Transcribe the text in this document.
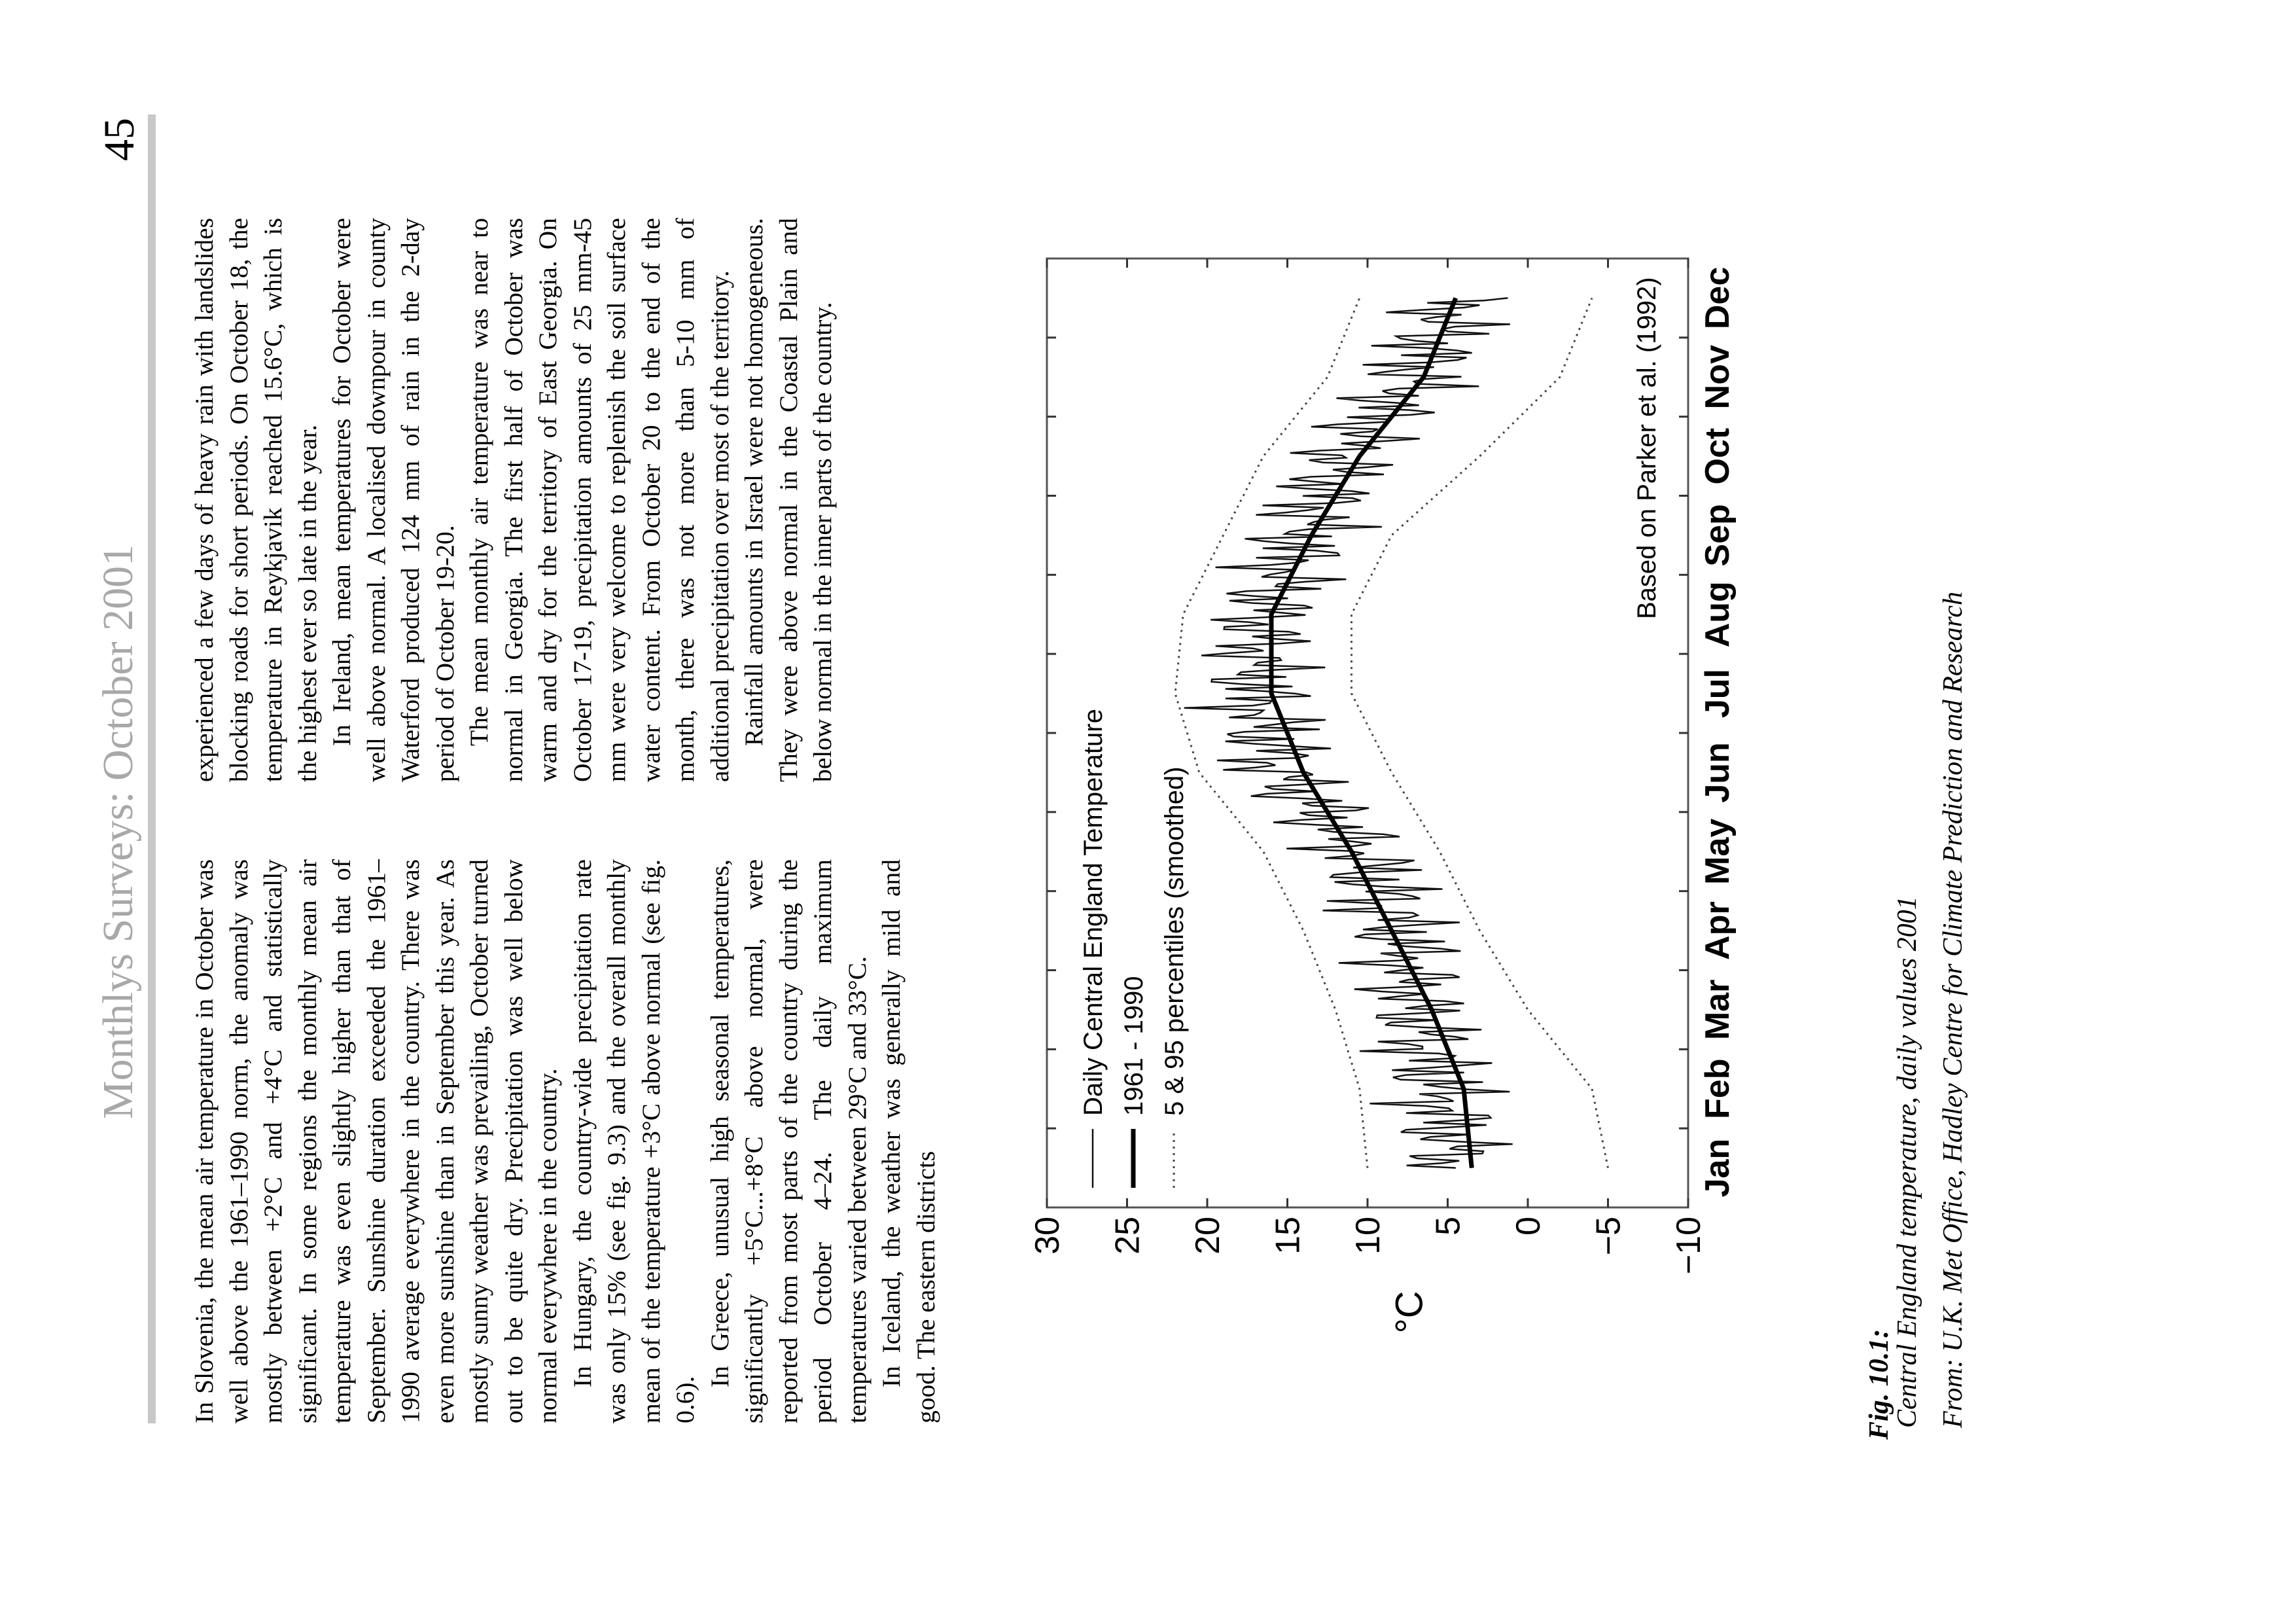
Monthlys Surveys: October 2001
45

In Slovenia, the mean air temperature in October was well above the 1961–1990 norm, the anomaly was mostly between +2°C and +4°C and statistically significant. In some regions the monthly mean air temperature was even slightly higher than that of September. Sunshine duration exceeded the 1961–1990 average everywhere in the country. There was even more sunshine than in September this year. As mostly sunny weather was prevailing, October turned out to be quite dry. Precipitation was well below normal everywhere in the country. In Hungary, the country-wide precipitation rate was only 15% (see fig. 9.3) and the overall monthly mean of the temperature +3°C above normal (see fig. 0.6).

In Greece, unusual high seasonal temperatures, significantly +5°C...+8°C above normal, were reported from most parts of the country during the period October 4–24. The daily maximum temperatures varied between 29°C and 33°C. In Iceland, the weather was generally mild and good. The eastern districts

experienced a few days of heavy rain with landslides blocking roads for short periods. On October 18, the temperature in Reykjavik reached 15.6°C, which is the highest ever so late in the year. In Ireland, mean temperatures for October were well above normal. A localised downpour in county Waterford produced 124 mm of rain in the 2-day period of October 19-20. The mean monthly air temperature was near to normal in Georgia. The first half of October was warm and dry for the territory of East Georgia. On October 17-19, precipitation amounts of 25 mm-45 mm were very welcome to replenish the soil surface water content. From October 20 to the end of the month, there was not more than 5-10 mm of additional precipitation over most of the territory. Rainfall amounts in Israel were not homogeneous. They were above normal in the Coastal Plain and below normal in the inner parts of the country.

−10
−5
0
5
10
15
20
25
30
Jan
Feb
Mar
Apr
May
Jun
Jul
Aug
Sep
Oct
Nov
Dec
°C
Daily Central England Temperature 1961 - 1990 5 & 95 percentiles (smoothed)
Based on Parker et al. (1992)
Fig. 10.1:
Central England temperature, daily values 2001 From: U.K. Met Office, Hadley Centre for Climate Prediction and Research
